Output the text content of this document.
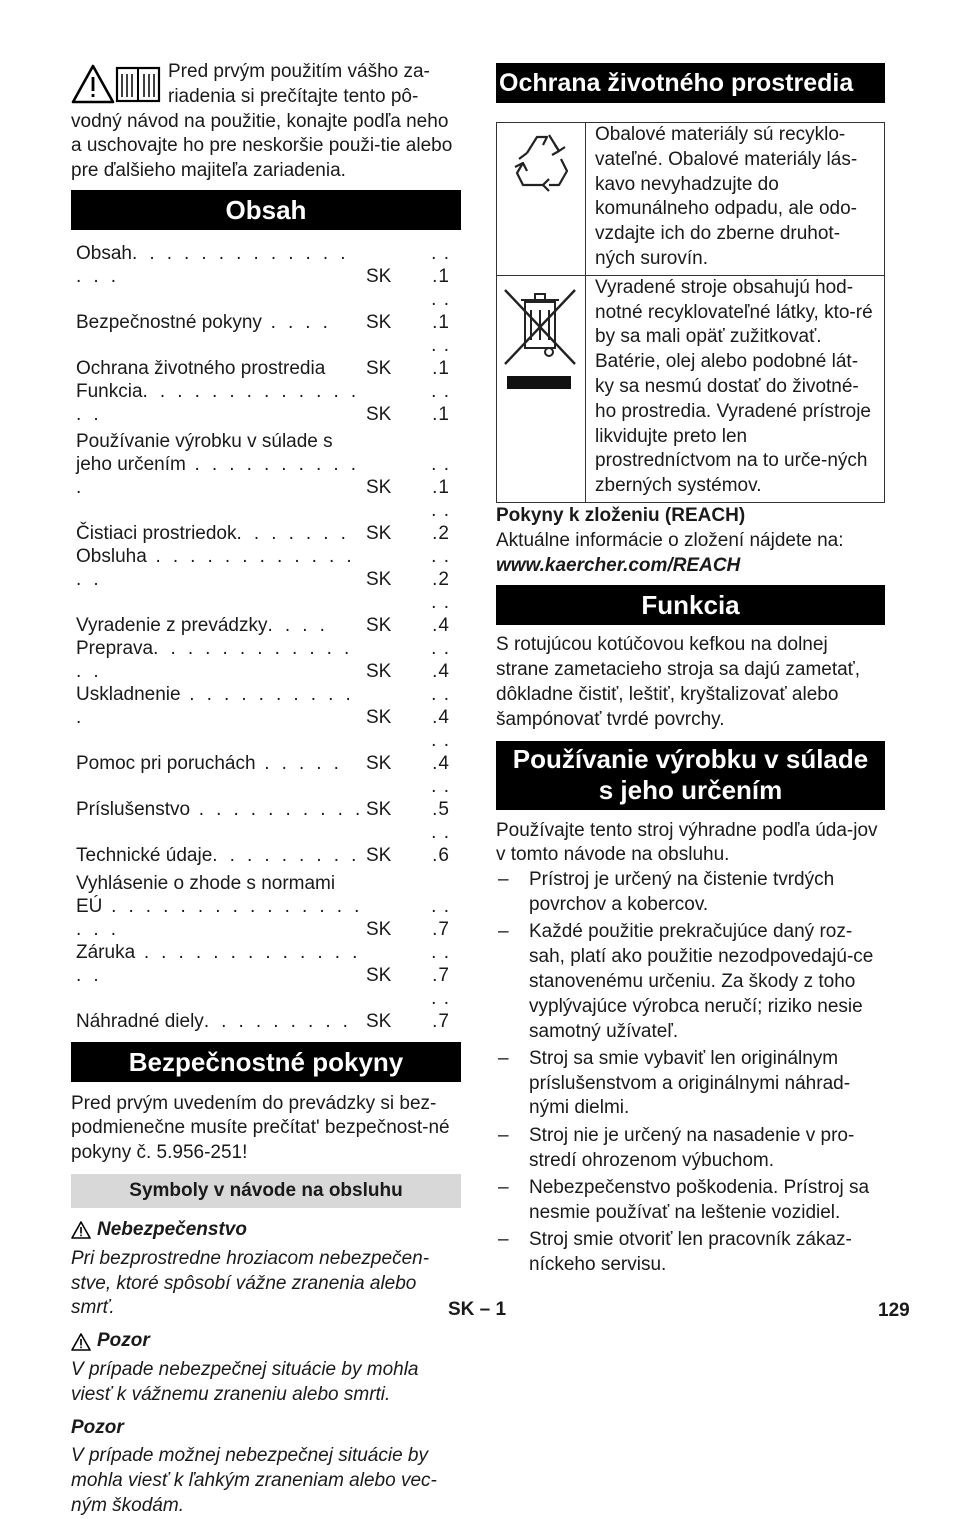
Pred prvým použitím vášho za-

riadenia si prečítajte tento pô-

vodný návod na použitie, konajte podľa neho a uschovajte ho pre neskoršie použi-tie alebo pre ďalšieho majiteľa zariadenia.

Obsah
Obsah. . . . . . . . . . . . . . . .	SK	. . .1
Bezpečnostné pokyny . . . .	SK	. . .1
Ochrana životného prostredia	SK	. . .1
Funkcia. . . . . . . . . . . . . . .	SK	. . .1
Používanie výrobku v súlade s		
jeho určením . . . . . . . . . . .	SK	. . .1
Čistiaci prostriedok. . . . . . .	SK	. . .2
Obsluha . . . . . . . . . . . . . .	SK	. . .2
Vyradenie z prevádzky. . . .	SK	. . .4
Preprava. . . . . . . . . . . . . .	SK	. . .4
Uskladnenie . . . . . . . . . . .	SK	. . .4
Pomoc pri poruchách . . . . .	SK	. . .4
Príslušenstvo . . . . . . . . . .	SK	. . .5
Technické údaje. . . . . . . . .	SK	. . .6
Vyhlásenie o zhode s normami		
EÚ . . . . . . . . . . . . . . . . . .	SK	. . .7
Záruka . . . . . . . . . . . . . . .	SK	. . .7
Náhradné diely. . . . . . . . .	SK	. . .7
Bezpečnostné pokyny

Pred prvým uvedením do prevádzky si bez-podmienečne musíte prečítat' bezpečnost-né pokyny č. 5.956-251!

Symboly v návode na obsluhu
Nebezpečenstvo

Pri bezprostredne hroziacom nebezpečen-stve, ktoré spôsobí vážne zranenia alebo smrť.

Pozor

V prípade nebezpečnej situácie by mohla viesť k vážnemu zraneniu alebo smrti.

Pozor

V prípade možnej nebezpečnej situácie by mohla viesť k ľahkým zraneniam alebo vec-ným škodám.

Ochrana životného prostredia

Obalové materiály sú recyklo-vateľné. Obalové materiály lás-kavo nevyhadzujte do komunálneho odpadu, ale odo-vzdajte ich do zberne druhot-ných surovín.

Vyradené stroje obsahujú hod-notné recyklovateľné látky, kto-ré by sa mali opäť zužitkovať. Batérie, olej alebo podobné lát-ky sa nesmú dostať do životné-ho prostredia. Vyradené prístroje likvidujte preto len prostredníctvom na to urče-ných zberných systémov.

Pokyny k zloženiu (REACH)

Aktuálne informácie o zložení nájdete na:

www.kaercher.com/REACH

Funkcia

S rotujúcou kotúčovou kefkou na dolnej strane zametacieho stroja sa dajú zametať, dôkladne čistiť, leštiť, kryštalizovať alebo šampónovať tvrdé povrchy.

Používanie výrobku v súlade
s jeho určením

Používajte tento stroj výhradne podľa úda-jov v tomto návode na obsluhu.

– Prístroj je určený na čistenie tvrdých povrchov a kobercov.
– Každé použitie prekračujúce daný roz-sah, platí ako použitie nezodpovedajú-ce stanovenému určeniu. Za škody z toho vyplývajúce výrobca neručí; riziko nesie samotný užívateľ.
– Stroj sa smie vybaviť len originálnym príslušenstvom a originálnymi náhrad-nými dielmi.
– Stroj nie je určený na nasadenie v pro-stredí ohrozenom výbuchom.
– Nebezpečenstvo poškodenia. Prístroj sa nesmie používať na leštenie vozidiel.
– Stroj smie otvoriť len pracovník zákaz-níckeho servisu.
SK – 1	129
